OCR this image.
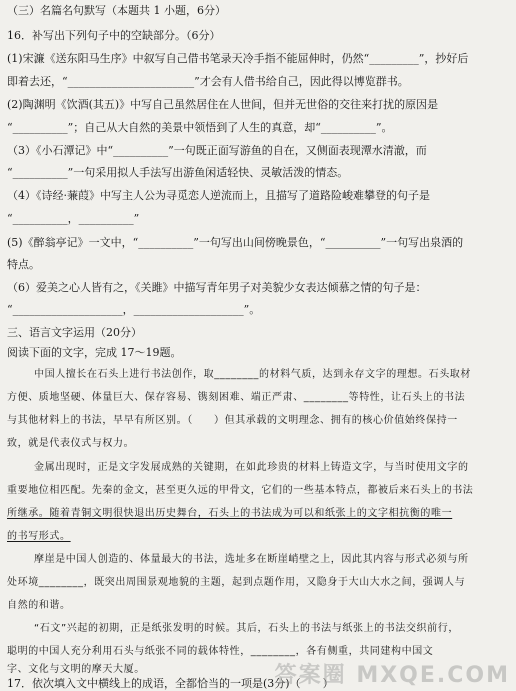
（三）名篇名句默写（本题共 1 小题，6分）
16．补写出下列句子中的空缺部分。（6分）
(1)宋濂《送东阳马生序》中叙写自己借书笔录天冷手指不能屈伸时，仍然“_________”，抄好后
即着去还，“_______________________”才会有人借书给自己，因此得以博览群书。
(2)陶渊明《饮酒(其五)》中写自己虽然居住在人世间，但并无世俗的交往来打扰的原因是
“__________”；自己从大自然的美景中领悟到了人生的真意，却“__________”。
（3）《小石潭记》中“__________”一句既正面写游鱼的自在，又侧面表现潭水清澈，而
“__________”一句采用拟人手法写出游鱼闲适轻快、灵敏活泼的情态。
（4）《诗经·蒹葭》中写主人公为寻觅恋人逆流而上，且描写了道路险峻难攀登的句子是
“__________，__________”
(5)《醉翁亭记》一文中，“__________”一句写出山间傍晚景色，“__________”一句写出泉酒的
特点。
（6）爱美之心人皆有之，《关雎》中描写青年男子对美貌少女表达倾慕之情的句子是：
“____________________，____________________”。
三、语言文字运用（20分）
阅读下面的文字，完成 17～19题。
中国人擅长在石头上进行书法创作，取________的材料气质，达到永存文字的理想。石头取材
方便、质地坚硬、体量巨大、保存容易、镌刻困难、端正严肃、________等特性，让石头上的书法
与其他材料上的书法，早早有所区别。（　　）但其承载的文明理念、拥有的核心价值始终保持一
致，就是代表仪式与权力。
金属出现时，正是文字发展成熟的关键期，在如此珍贵的材料上铸造文字，与当时使用文字的
重要地位相匹配。先秦的金文，甚至更久远的甲骨文，它们的一些基本特点，都被后来石头上的书法
所继承。随着青铜文明很快退出历史舞台，石头上的书法成为可以和纸张上的文字相抗衡的唯一
的书写形式。
摩崖是中国人创造的、体量最大的书法，选址多在断崖峭壁之上，因此其内容与形式必须与所
处环境________，既突出周围景观地貌的主题，起到点题作用，又隐身于大山大水之间，强调人与
自然的和谐。
“石文”兴起的初期，正是纸张发明的时候。其后，石头上的书法与纸张上的书法交织前行，
聪明的中国人充分利用石头与纸张不同的载体特性，________，各有侧重，共同建构中国文
字、文化与文明的摩天大厦。
17．依次填入文中横线上的成语，全都恰当的一项是(3分)（　　）
答案圈 MXQE.COM
